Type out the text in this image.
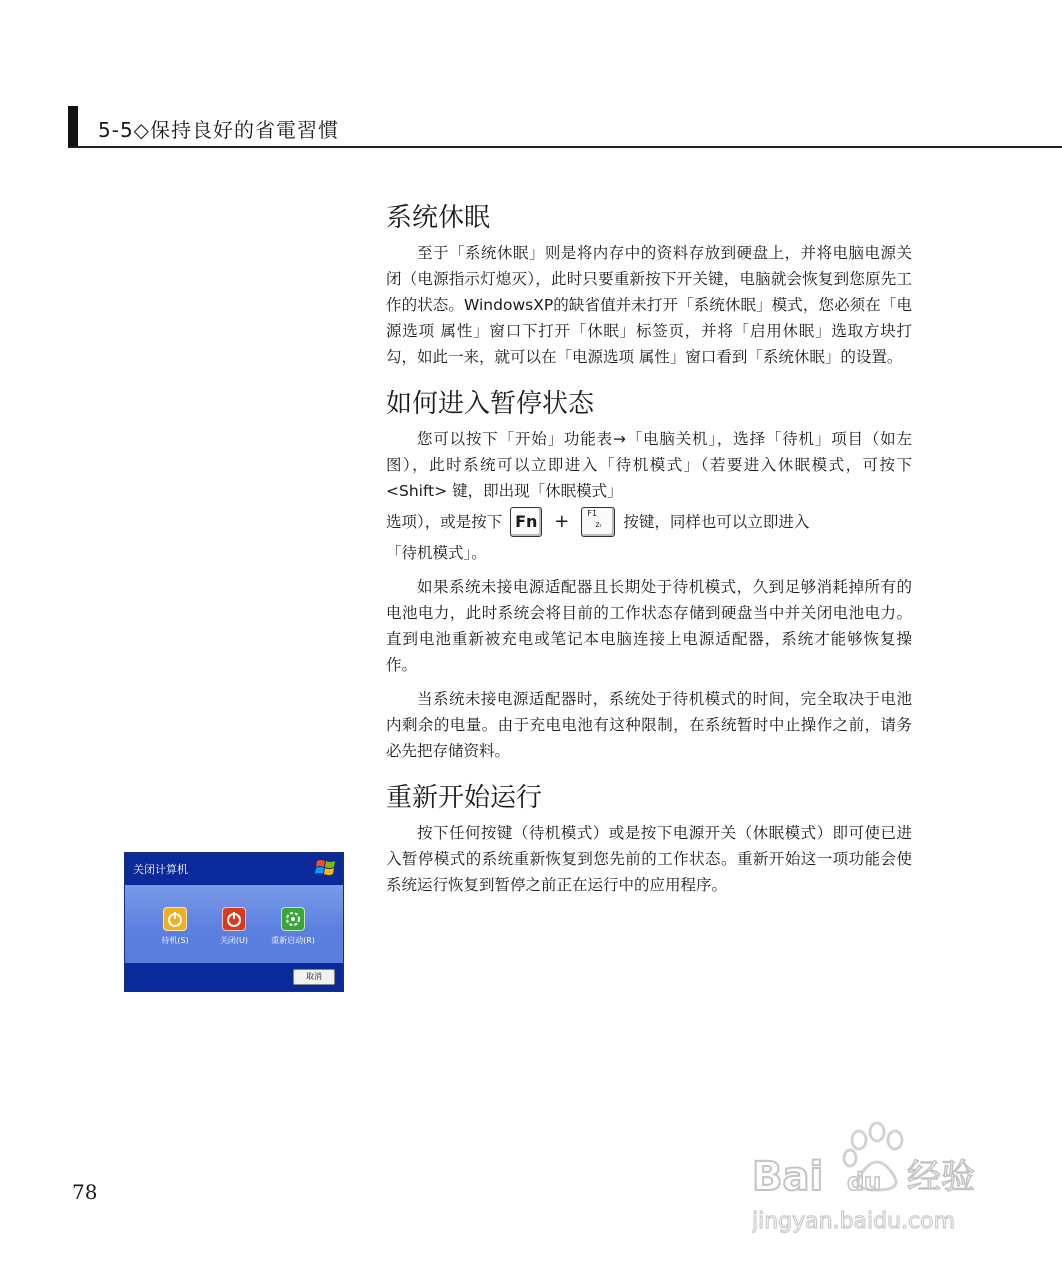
5-5◇保持良好的省電習慣
系统休眠

至于「系统休眠」则是将内存中的资料存放到硬盘上，并将电脑电源关闭（电源指示灯熄灭），此时只要重新按下开关键，电脑就会恢复到您原先工作的状态。WindowsXP的缺省值并未打开「系统休眠」模式，您必须在「电源选项 属性」窗口下打开「休眠」标签页，并将「启用休眠」选取方块打勾，如此一来，就可以在「电源选项 属性」窗口看到「系统休眠」的设置。

如何进入暂停状态

您可以按下「开始」功能表→「电脑关机」，选择「待机」项目（如左图），此时系统可以立即进入「待机模式」（若要进入休眠模式，可按下 <Shift> 键，即出现「休眠模式」

选项），或是按下 Fn + F1
zᵣ 按键，同样也可以立即进入

「待机模式」。

如果系统未接电源适配器且长期处于待机模式，久到足够消耗掉所有的电池电力，此时系统会将目前的工作状态存储到硬盘当中并关闭电池电力。直到电池重新被充电或笔记本电脑连接上电源适配器，系统才能够恢复操作。

当系统未接电源适配器时，系统处于待机模式的时间，完全取决于电池内剩余的电量。由于充电电池有这种限制，在系统暂时中止操作之前，请务必先把存储资料。

重新开始运行

按下任何按键（待机模式）或是按下电源开关（休眠模式）即可使已进入暂停模式的系统重新恢复到您先前的工作状态。重新开始这一项功能会使系统运行恢复到暂停之前正在运行中的应用程序。

关闭计算机
待机(S)	关闭(U)	重新启动(R)
取消
78	Bai du 经验
jingyan.baidu.com
